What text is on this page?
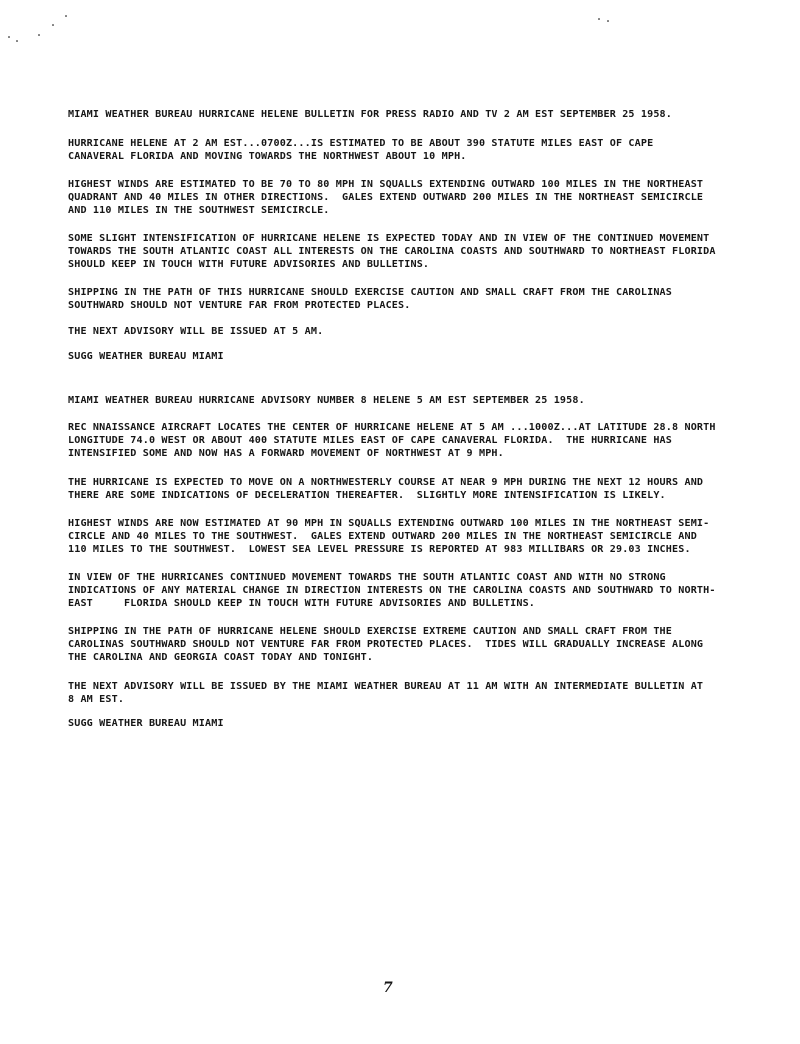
MIAMI WEATHER BUREAU HURRICANE HELENE BULLETIN FOR PRESS RADIO AND TV 2 AM EST SEPTEMBER 25 1958.

HURRICANE HELENE AT 2 AM EST...0700Z...IS ESTIMATED TO BE ABOUT 390 STATUTE MILES EAST OF CAPE

CANAVERAL FLORIDA AND MOVING TOWARDS THE NORTHWEST ABOUT 10 MPH.

HIGHEST WINDS ARE ESTIMATED TO BE 70 TO 80 MPH IN SQUALLS EXTENDING OUTWARD 100 MILES IN THE NORTHEAST

QUADRANT AND 40 MILES IN OTHER DIRECTIONS.  GALES EXTEND OUTWARD 200 MILES IN THE NORTHEAST SEMICIRCLE

AND 110 MILES IN THE SOUTHWEST SEMICIRCLE.

SOME SLIGHT INTENSIFICATION OF HURRICANE HELENE IS EXPECTED TODAY AND IN VIEW OF THE CONTINUED MOVEMENT

TOWARDS THE SOUTH ATLANTIC COAST ALL INTERESTS ON THE CAROLINA COASTS AND SOUTHWARD TO NORTHEAST FLORIDA

SHOULD KEEP IN TOUCH WITH FUTURE ADVISORIES AND BULLETINS.

SHIPPING IN THE PATH OF THIS HURRICANE SHOULD EXERCISE CAUTION AND SMALL CRAFT FROM THE CAROLINAS

SOUTHWARD SHOULD NOT VENTURE FAR FROM PROTECTED PLACES.

THE NEXT ADVISORY WILL BE ISSUED AT 5 AM.

SUGG WEATHER BUREAU MIAMI

MIAMI WEATHER BUREAU HURRICANE ADVISORY NUMBER 8 HELENE 5 AM EST SEPTEMBER 25 1958.

REC NNAISSANCE AIRCRAFT LOCATES THE CENTER OF HURRICANE HELENE AT 5 AM ...1000Z...AT LATITUDE 28.8 NORTH

LONGITUDE 74.0 WEST OR ABOUT 400 STATUTE MILES EAST OF CAPE CANAVERAL FLORIDA.  THE HURRICANE HAS

INTENSIFIED SOME AND NOW HAS A FORWARD MOVEMENT OF NORTHWEST AT 9 MPH.

THE HURRICANE IS EXPECTED TO MOVE ON A NORTHWESTERLY COURSE AT NEAR 9 MPH DURING THE NEXT 12 HOURS AND

THERE ARE SOME INDICATIONS OF DECELERATION THEREAFTER.  SLIGHTLY MORE INTENSIFICATION IS LIKELY.

HIGHEST WINDS ARE NOW ESTIMATED AT 90 MPH IN SQUALLS EXTENDING OUTWARD 100 MILES IN THE NORTHEAST SEMI-

CIRCLE AND 40 MILES TO THE SOUTHWEST.  GALES EXTEND OUTWARD 200 MILES IN THE NORTHEAST SEMICIRCLE AND

110 MILES TO THE SOUTHWEST.  LOWEST SEA LEVEL PRESSURE IS REPORTED AT 983 MILLIBARS OR 29.03 INCHES.

IN VIEW OF THE HURRICANES CONTINUED MOVEMENT TOWARDS THE SOUTH ATLANTIC COAST AND WITH NO STRONG

INDICATIONS OF ANY MATERIAL CHANGE IN DIRECTION INTERESTS ON THE CAROLINA COASTS AND SOUTHWARD TO NORTH-

EAST     FLORIDA SHOULD KEEP IN TOUCH WITH FUTURE ADVISORIES AND BULLETINS.

SHIPPING IN THE PATH OF HURRICANE HELENE SHOULD EXERCISE EXTREME CAUTION AND SMALL CRAFT FROM THE

CAROLINAS SOUTHWARD SHOULD NOT VENTURE FAR FROM PROTECTED PLACES.  TIDES WILL GRADUALLY INCREASE ALONG

THE CAROLINA AND GEORGIA COAST TODAY AND TONIGHT.

THE NEXT ADVISORY WILL BE ISSUED BY THE MIAMI WEATHER BUREAU AT 11 AM WITH AN INTERMEDIATE BULLETIN AT

8 AM EST.

SUGG WEATHER BUREAU MIAMI

7
